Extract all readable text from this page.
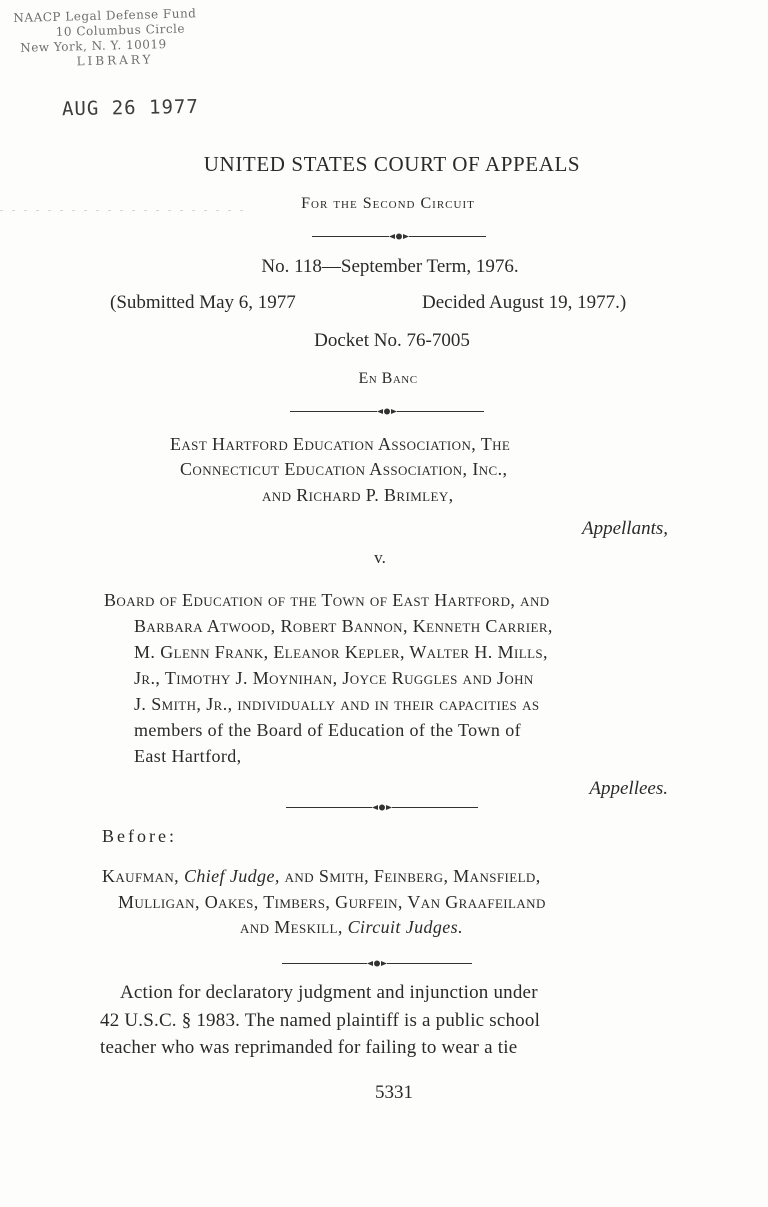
NAACP Legal Defense Fund
10 Columbus Circle
New York, N. Y. 10019
LIBRARY
AUG 26 1977
UNITED STATES COURT OF APPEALS
For the Second Circuit
No. 118—September Term, 1976.
(Submitted May 6, 1977	Decided August 19, 1977.)
Docket No. 76-7005
En Banc
East Hartford Education Association, The
Connecticut Education Association, Inc.,
and Richard P. Brimley,
Appellants,
v.
Board of Education of the Town of East Hartford, and
Barbara Atwood, Robert Bannon, Kenneth Carrier,
M. Glenn Frank, Eleanor Kepler, Walter H. Mills,
Jr., Timothy J. Moynihan, Joyce Ruggles and John
J. Smith, Jr., individually and in their capacities as
members of the Board of Education of the Town of
East Hartford,
Appellees.
Before:
Kaufman, Chief Judge, and Smith, Feinberg, Mansfield,
Mulligan, Oakes, Timbers, Gurfein, Van Graafeiland
and Meskill, Circuit Judges.
Action for declaratory judgment and injunction under
42 U.S.C. § 1983. The named plaintiff is a public school
teacher who was reprimanded for failing to wear a tie
5331
